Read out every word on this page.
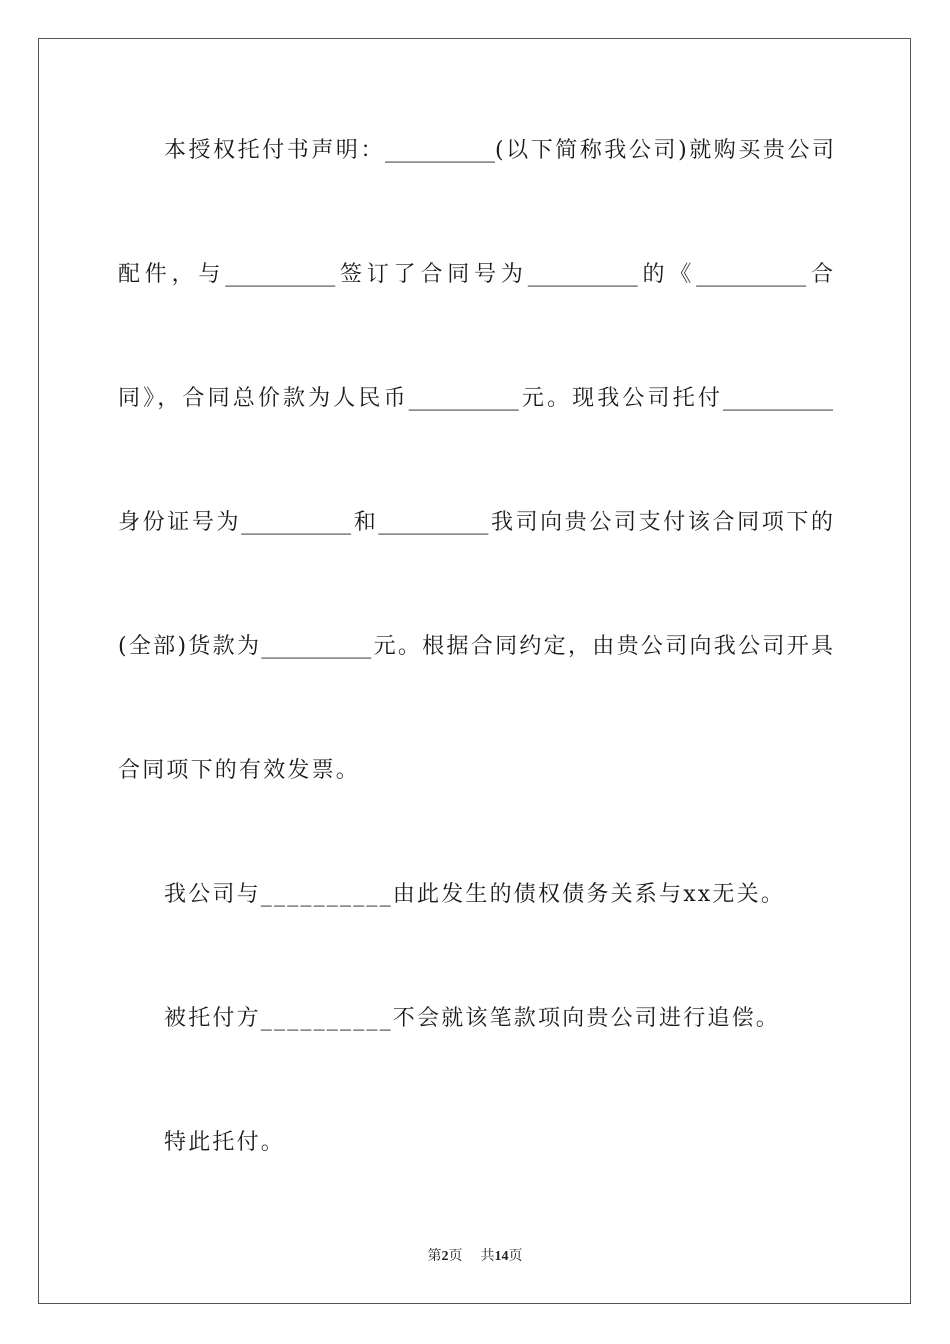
本授权托付书声明：__________(以下简称我公司)就购买贵公司
配件，与__________签订了合同号为__________的《__________合
同》，合同总价款为人民币__________元。现我公司托付__________
身份证号为__________和__________我司向贵公司支付该合同项下的
(全部)货款为__________元。根据合同约定，由贵公司向我公司开具
合同项下的有效发票。
我公司与__________由此发生的债权债务关系与xx无关。
被托付方__________不会就该笔款项向贵公司进行追偿。
特此托付。
第2页 共14页
